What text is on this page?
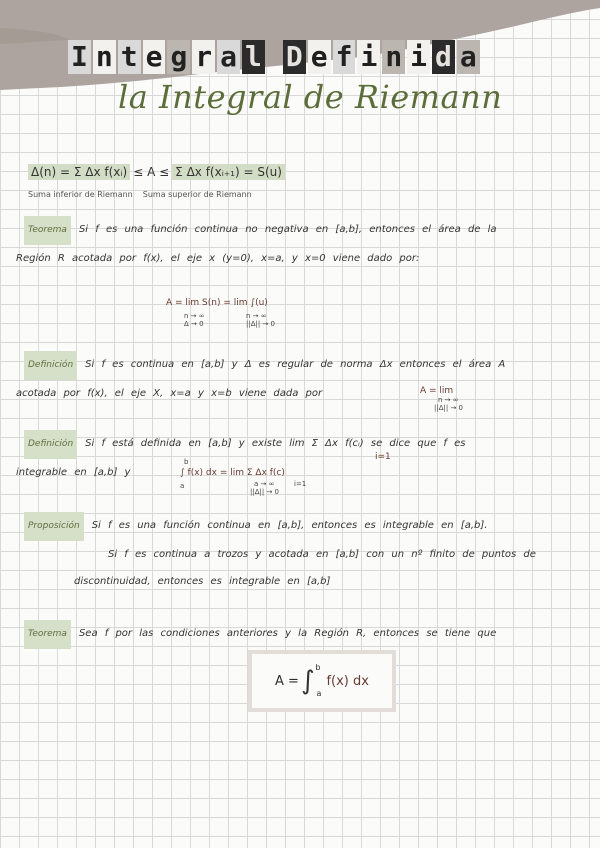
I n t e g r a l D e f i n i d a
la Integral de Riemann
Δ(n) = Σ Δx f(xᵢ) ≤ A ≤ Σ Δx f(xᵢ₊₁) = S(u)
Suma inferior de Riemann Suma superior de Riemann
Teorema Si f es una función continua no negativa en [a,b], entonces el área de la
Región R acotada por f(x), el eje x (y=0), x=a, y x=0 viene dado por:
A = lim S(n) = lim ∫(u)
n → ∞
Δ → 0
n → ∞
||Δ|| → 0
Definición Si f es continua en [a,b] y Δ es regular de norma Δx entonces el área A
acotada por f(x), el eje X, x=a y x=b viene dada por	A = lim
n → ∞
||Δ|| → 0
Definición Si f está definida en [a,b] y existe lim Σ Δx f(cᵢ) se dice que f es
integrable en [a,b] y
i=1
∫ f(x) dx = lim Σ Δx f(c)
b
a	a → ∞
||Δ|| → 0
i=1
Proposición Si f es una función continua en [a,b], entonces es integrable en [a,b].
Si f es continua a trozos y acotada en [a,b] con un nº finito de puntos de
discontinuidad, entonces es integrable en [a,b]
Teorema Sea f por las condiciones anteriores y la Región R, entonces se tiene que
A = ∫ a
b
f(x) dx
